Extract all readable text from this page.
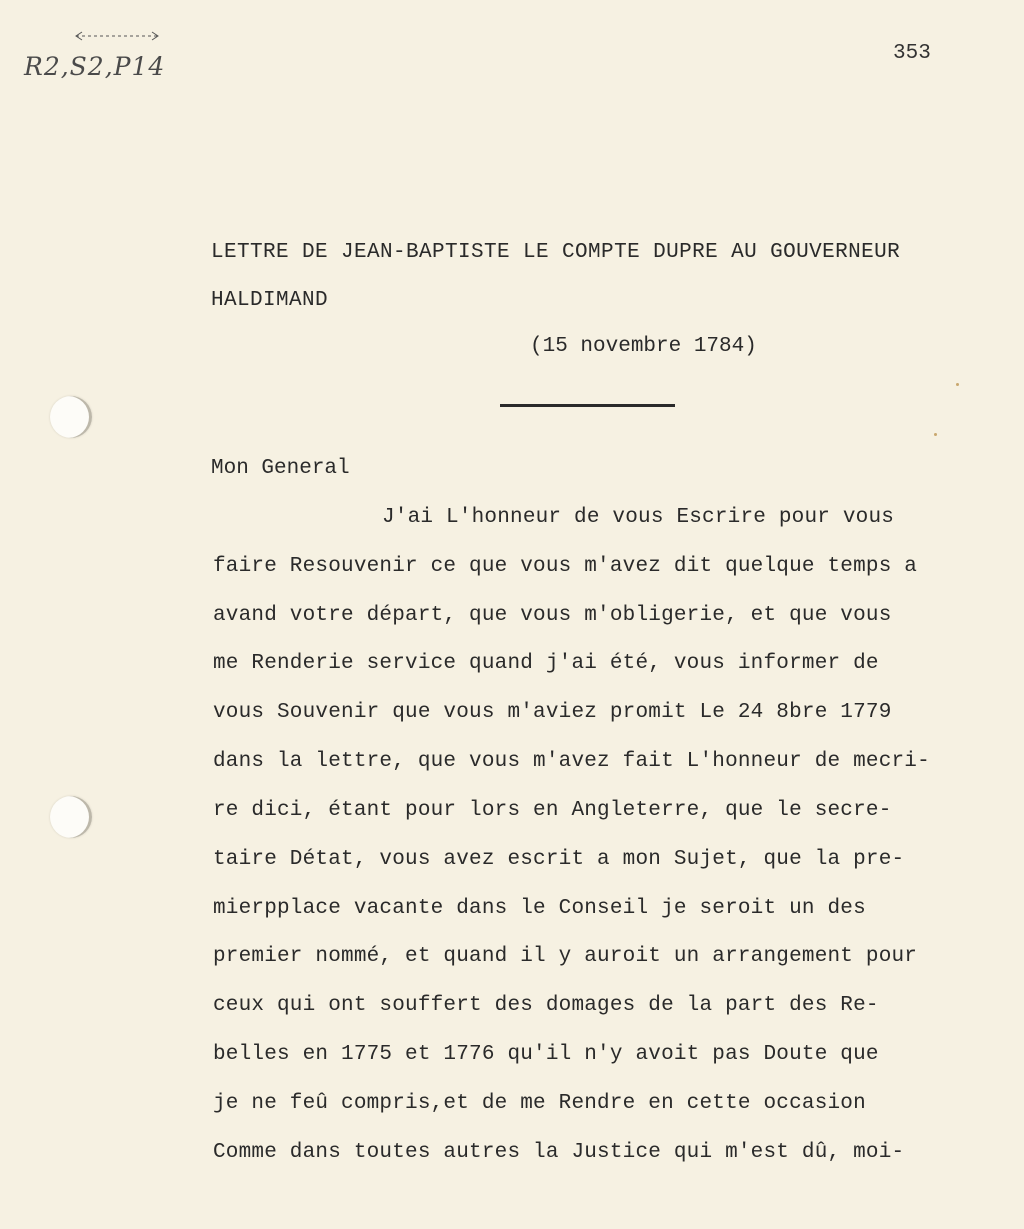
R2,S2,P14	353
LETTRE DE JEAN-BAPTISTE LE COMPTE DUPRE AU GOUVERNEUR
HALDIMAND
(15 novembre 1784)
Mon General
J'ai L'honneur de vous Escrire pour vous
faire Resouvenir ce que vous m'avez dit quelque temps a
avand votre départ, que vous m'obligerie, et que vous
me Renderie service quand j'ai été, vous informer de
vous Souvenir que vous m'aviez promit Le 24 8bre 1779
dans la lettre, que vous m'avez fait L'honneur de mecri-
re dici, étant pour lors en Angleterre, que le secre-
taire Détat, vous avez escrit a mon Sujet, que la pre-
mierpplace vacante dans le Conseil je seroit un des
premier nommé, et quand il y auroit un arrangement pour
ceux qui ont souffert des domages de la part des Re-
belles en 1775 et 1776 qu'il n'y avoit pas Doute que
je ne feû compris,et de me Rendre en cette occasion
Comme dans toutes autres la Justice qui m'est dû, moi-
